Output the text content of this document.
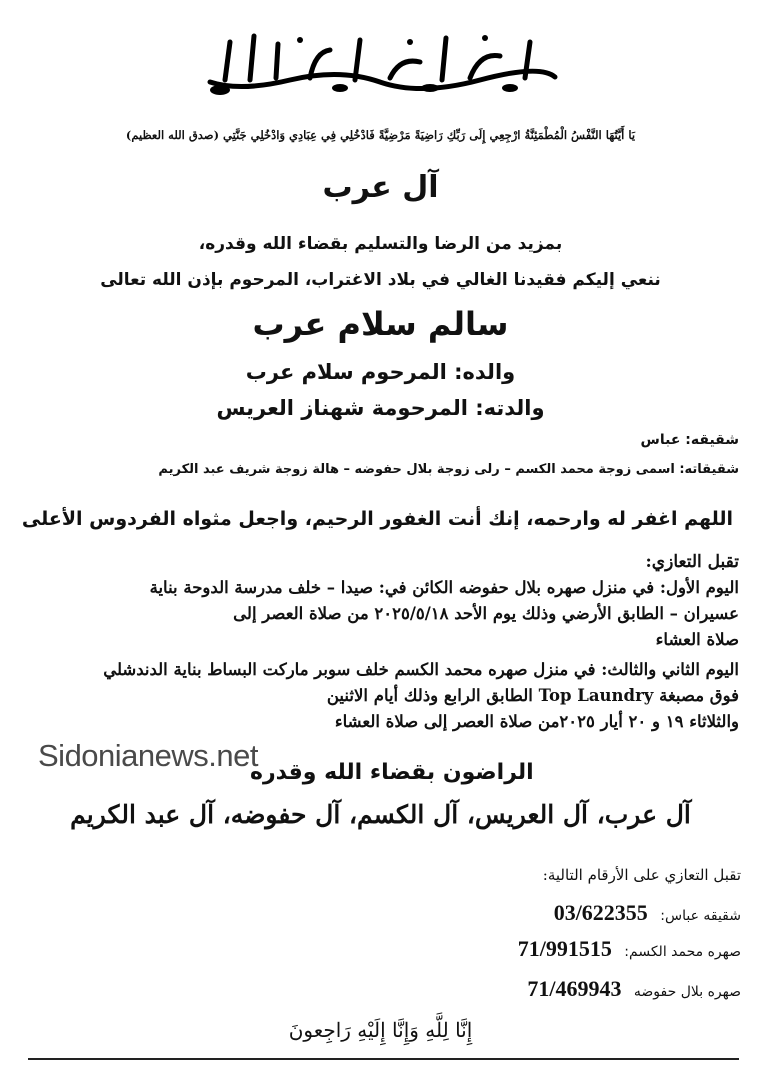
يَا أَيَّتُهَا النَّفْسُ الْمُطْمَئِنَّةُ ارْجِعِي إِلَى رَبِّكِ رَاضِيَةً مَرْضِيَّةً فَادْخُلِي فِي عِبَادِي وَادْخُلِي جَنَّتِي (صدق الله العظيم)
آل عرب
بمزيد من الرضا والتسليم بقضاء الله وقدره،
ننعي إليكم فقيدنا الغالي في بلاد الاغتراب، المرحوم بإذن الله تعالى
سالم سلام عرب
والده: المرحوم سلام عرب
والدته: المرحومة شهناز العريس
شقيقه: عباس
شقيقاته: اسمى زوجة محمد الكسم – رلى زوجة بلال حفوضه – هالة زوجة شريف عبد الكريم
اللهم اغفر له وارحمه، إنك أنت الغفور الرحيم، واجعل مثواه الفردوس الأعلى
تقبل التعازي:
اليوم الأول: في منزل صهره بلال حفوضه الكائن في: صيدا – خلف مدرسة الدوحة بناية
عسيران – الطابق الأرضي وذلك يوم الأحد ٢٠٢٥/٥/١٨ من صلاة العصر إلى
صلاة العشاء
اليوم الثاني والثالث: في منزل صهره محمد الكسم خلف سوبر ماركت البساط بناية الدندشلي
فوق مصبغة Top Laundry الطابق الرابع وذلك أيام الاثنين
والثلاثاء ١٩ و ٢٠ أيار ٢٠٢٥من صلاة العصر إلى صلاة العشاء
Sidonianews.net
الراضون بقضاء الله وقدره
آل عرب، آل العريس، آل الكسم، آل حفوضه، آل عبد الكريم
تقبل التعازي على الأرقام التالية:
شقيقه عباس: 03/622355
صهره محمد الكسم: 71/991515
صهره بلال حفوضه 71/469943
إِنَّا لِلَّهِ وَإِنَّا إِلَيْهِ رَاجِعونَ
